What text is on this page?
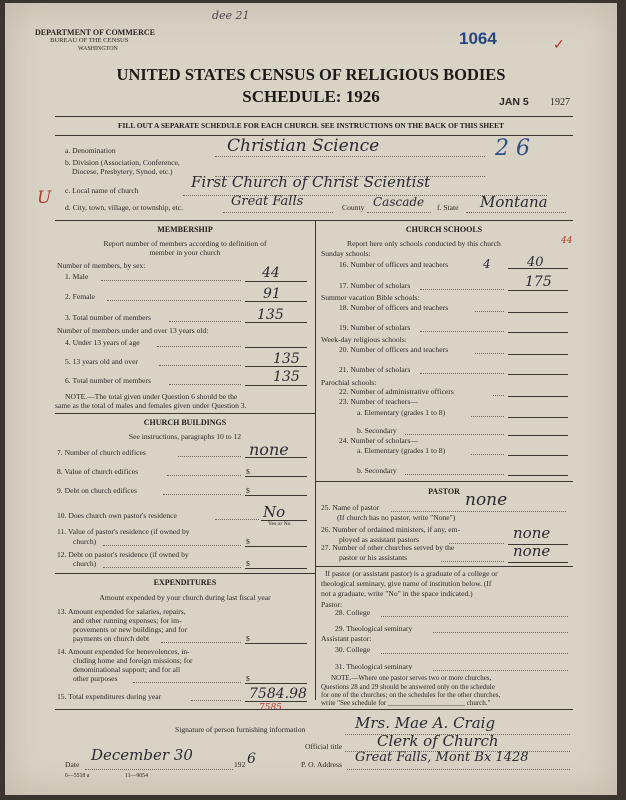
DEPARTMENT OF COMMERCE
BUREAU OF THE CENSUS
WASHINGTON
dee 21
1064	✓
UNITED STATES CENSUS OF RELIGIOUS BODIES
SCHEDULE: 1926	JAN 5 1927
FILL OUT A SEPARATE SCHEDULE FOR EACH CHURCH. SEE INSTRUCTIONS ON THE BACK OF THIS SHEET
a. Denomination	Christian Science	2 6
b. Division (Association, Conference,
Diocese, Presbytery, Synod, etc.)
c. Local name of church	First Church of Christ Scientist
U d. City, town, village, or township, etc.	Great Falls	County Cascade f. State Montana
MEMBERSHIP
Report number of members according to definition of
member in your church
Number of members, by sex:
1. Male	44
2. Female	91
3. Total number of members	135
Number of members under and over 13 years old:
4. Under 13 years of age
5. 13 years old and over	135
6. Total number of members	135
NOTE.—The total given under Question 6 should be the
same as the total of males and females given under Question 3.
CHURCH BUILDINGS
See instructions, paragraphs 10 to 12
7. Number of church edifices	none
8. Value of church edifices	$
9. Debt on church edifices	$
10. Does church own pastor's residence	No
Yes or No
11. Value of pastor's residence (if owned by
church)	$
12. Debt on pastor's residence (if owned by
church)	$
EXPENDITURES
Amount expended by your church during last fiscal year
13. Amount expended for salaries, repairs,
and other running expenses; for im-
provements or new buildings; and for
payments on church debt	$
14. Amount expended for benevolences, in-
cluding home and foreign missions; for
denominational support; and for all
other purposes	$
15. Total expenditures during year	7584.98
7585
CHURCH SCHOOLS
Report here only schools conducted by this church	44
Sunday schools:
16. Number of officers and teachers	4	40
17. Number of scholars	175
Summer vacation Bible schools:
18. Number of officers and teachers
19. Number of scholars
Week-day religious schools:
20. Number of officers and teachers
21. Number of scholars
Parochial schools:
22. Number of administrative officers
23. Number of teachers—
a. Elementary (grades 1 to 8)
b. Secondary
24. Number of scholars—
a. Elementary (grades 1 to 8)
b. Secondary
PASTOR
25. Name of pastor	none
(If church has no pastor, write "None")
26. Number of ordained ministers, if any, em-
ployed as assistant pastors	none
27. Number of other churches served by the
pastor or his assistants	none
If pastor (or assistant pastor) is a graduate of a college or
theological seminary, give name of institution below. (If
not a graduate, write "No" in the space indicated.)
Pastor:
28. College
29. Theological seminary
Assistant pastor:
30. College
31. Theological seminary
NOTE.—Where one pastor serves two or more churches,
Questions 28 and 29 should be answered only on the schedule
for one of the churches; on the schedules for the other churches,
write "See schedule for ______________________ church."
Signature of person furnishing information	Mrs. Mae A. Craig
Official title Clerk of Church
Date
December 30
192 6	P. O. Address Great Falls, Mont Bx 1428
6—5518 a	11—9054
